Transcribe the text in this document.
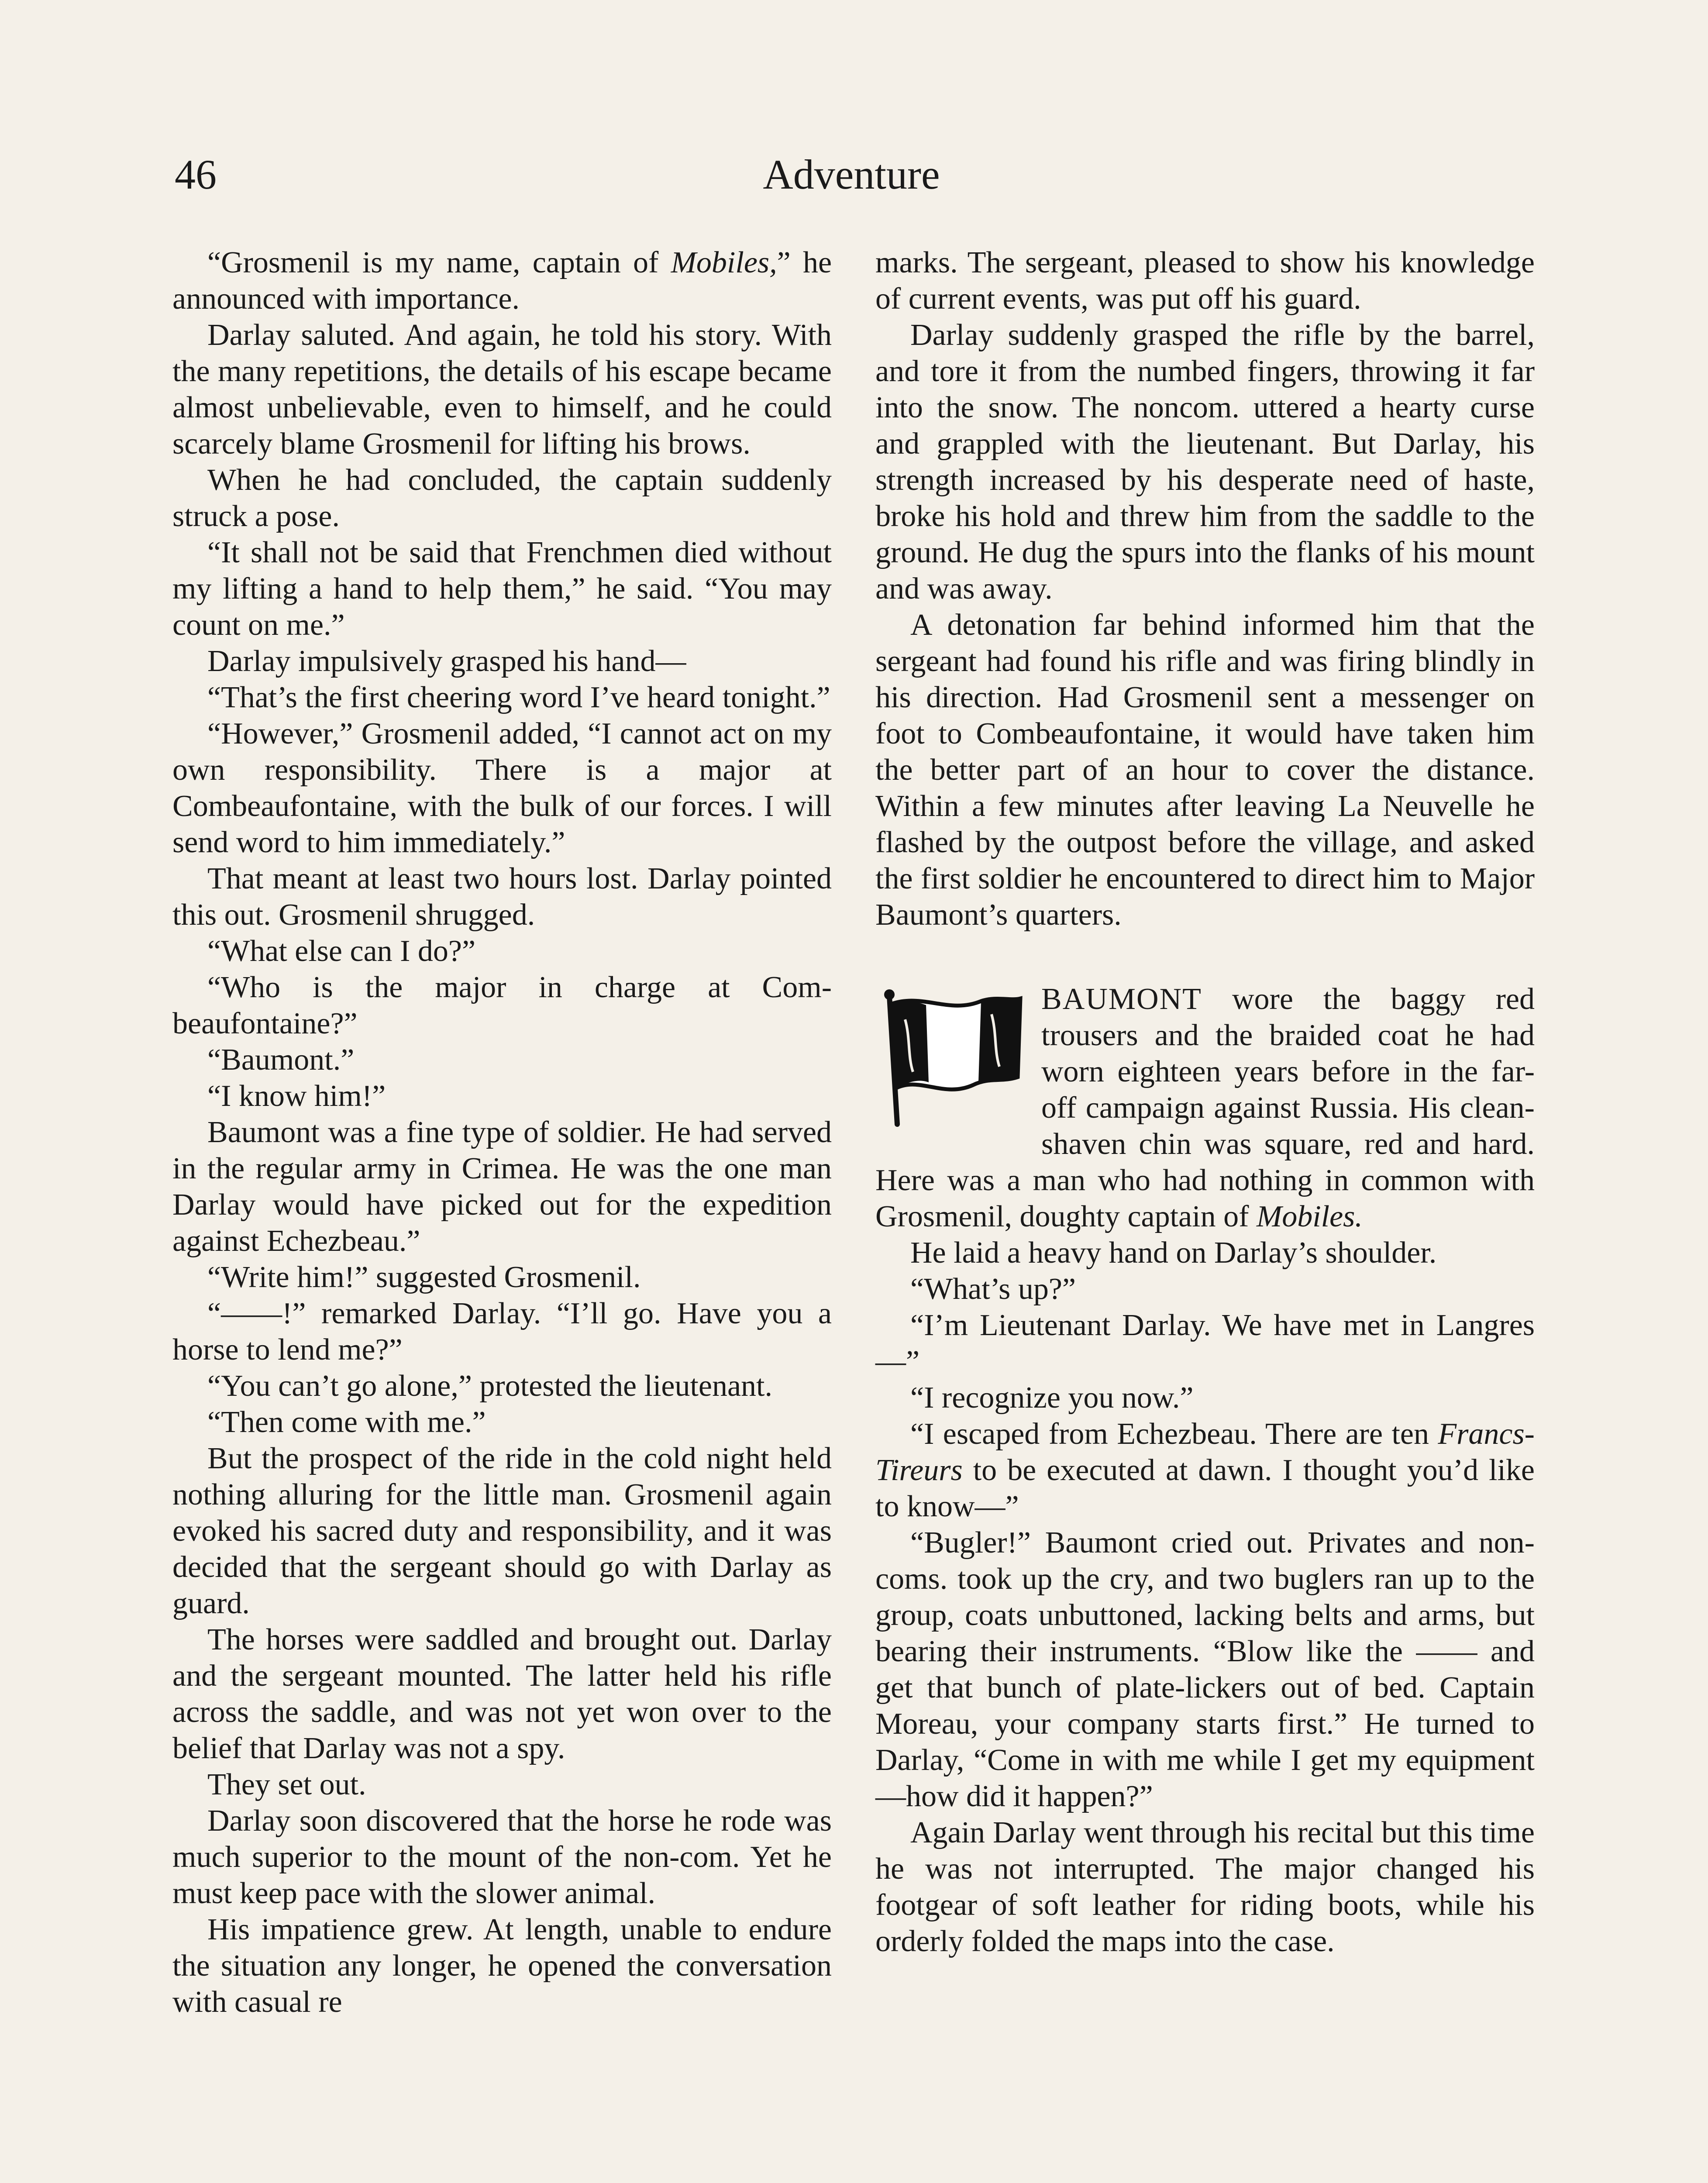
46	Adventure

“Grosmenil is my name, captain of Mobiles,” he announced with importance.

Darlay saluted. And again, he told his story. With the many repetitions, the details of his escape became almost unbelievable, even to himself, and he could scarcely blame Grosmenil for lifting his brows.

When he had concluded, the captain suddenly struck a pose.

“It shall not be said that Frenchmen died without my lifting a hand to help them,” he said. “You may count on me.”

Darlay impulsively grasped his hand—

“That’s the first cheering word I’ve heard tonight.”

“However,” Grosmenil added, “I cannot act on my own responsibility. There is a major at Combeaufontaine, with the bulk of our forces. I will send word to him immediately.”

That meant at least two hours lost. Darlay pointed this out. Grosmenil shrugged.

“What else can I do?”

“Who is the major in charge at Combeaufontaine?”

“Baumont.”

“I know him!”

Baumont was a fine type of soldier. He had served in the regular army in Crimea. He was the one man Darlay would have picked out for the expedition against Echezbeau.”

“Write him!” suggested Grosmenil.

“——!” remarked Darlay. “I’ll go. Have you a horse to lend me?”

“You can’t go alone,” protested the lieutenant.

“Then come with me.”

But the prospect of the ride in the cold night held nothing alluring for the little man. Grosmenil again evoked his sacred duty and responsibility, and it was decided that the sergeant should go with Darlay as guard.

The horses were saddled and brought out. Darlay and the sergeant mounted. The latter held his rifle across the saddle, and was not yet won over to the belief that Darlay was not a spy.

They set out.

Darlay soon discovered that the horse he rode was much superior to the mount of the non-com. Yet he must keep pace with the slower animal.

His impatience grew. At length, unable to endure the situation any longer, he opened the conversation with casual re

marks. The sergeant, pleased to show his knowledge of current events, was put off his guard.

Darlay suddenly grasped the rifle by the barrel, and tore it from the numbed fingers, throwing it far into the snow. The noncom. uttered a hearty curse and grappled with the lieutenant. But Darlay, his strength increased by his desperate need of haste, broke his hold and threw him from the saddle to the ground. He dug the spurs into the flanks of his mount and was away.

A detonation far behind informed him that the sergeant had found his rifle and was firing blindly in his direction. Had Grosmenil sent a messenger on foot to Combeaufontaine, it would have taken him the better part of an hour to cover the distance. Within a few minutes after leaving La Neuvelle he flashed by the outpost before the village, and asked the first soldier he encountered to direct him to Major Baumont’s quarters.

BAUMONT wore the baggy red trousers and the braided coat he had worn eighteen years before in the far-off campaign against Russia. His clean-shaven chin was square, red and hard. Here was a man who had nothing in common with Grosmenil, doughty captain of Mobiles.

He laid a heavy hand on Darlay’s shoulder.

“What’s up?”

“I’m Lieutenant Darlay. We have met in Langres—”

“I recognize you now.”

“I escaped from Echezbeau. There are ten Francs-Tireurs to be executed at dawn. I thought you’d like to know—”

“Bugler!” Baumont cried out. Privates and non-coms. took up the cry, and two buglers ran up to the group, coats unbuttoned, lacking belts and arms, but bearing their instruments. “Blow like the —— and get that bunch of plate-lickers out of bed. Captain Moreau, your company starts first.” He turned to Darlay, “Come in with me while I get my equipment—how did it happen?”

Again Darlay went through his recital but this time he was not interrupted. The major changed his footgear of soft leather for riding boots, while his orderly folded the maps into the case.
